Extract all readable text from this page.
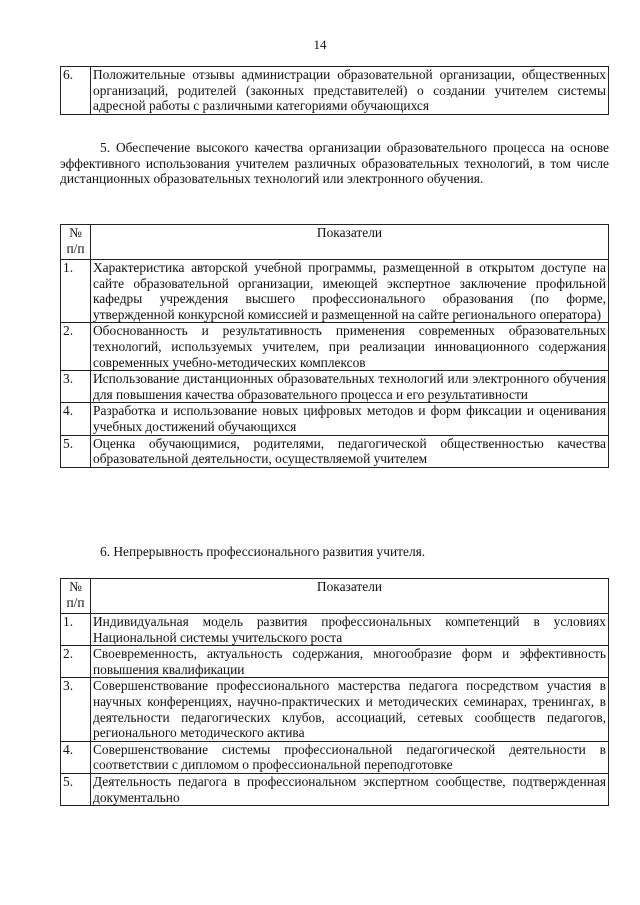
14
6.	Положительные отзывы администрации образовательной организации, общественных организаций, родителей (законных представителей) о создании учителем системы адресной работы с различными категориями обучающихся
5. Обеспечение высокого качества организации образовательного процесса на основе эффективного использования учителем различных образовательных технологий, в том числе дистанционных образовательных технологий или электронного обучения.
№ п/п	Показатели
1.	Характеристика авторской учебной программы, размещенной в открытом доступе на сайте образовательной организации, имеющей экспертное заключение профильной кафедры учреждения высшего профессионального образования (по форме, утвержденной конкурсной комиссией и размещенной на сайте регионального оператора)
2.	Обоснованность и результативность применения современных образовательных технологий, используемых учителем, при реализации инновационного содержания современных учебно-методических комплексов
3.	Использование дистанционных образовательных технологий или электронного обучения для повышения качества образовательного процесса и его результативности
4.	Разработка и использование новых цифровых методов и форм фиксации и оценивания учебных достижений обучающихся
5.	Оценка обучающимися, родителями, педагогической общественностью качества образовательной деятельности, осуществляемой учителем
6. Непрерывность профессионального развития учителя.
№ п/п	Показатели
1.	Индивидуальная модель развития профессиональных компетенций в условиях Национальной системы учительского роста
2.	Своевременность, актуальность содержания, многообразие форм и эффективность повышения квалификации
3.	Совершенствование профессионального мастерства педагога посредством участия в научных конференциях, научно-практических и методических семинарах, тренингах, в деятельности педагогических клубов, ассоциаций, сетевых сообществ педагогов, регионального методического актива
4.	Совершенствование системы профессиональной педагогической деятельности в соответствии с дипломом о профессиональной переподготовке
5.	Деятельность педагога в профессиональном экспертном сообществе, подтвержденная документально
